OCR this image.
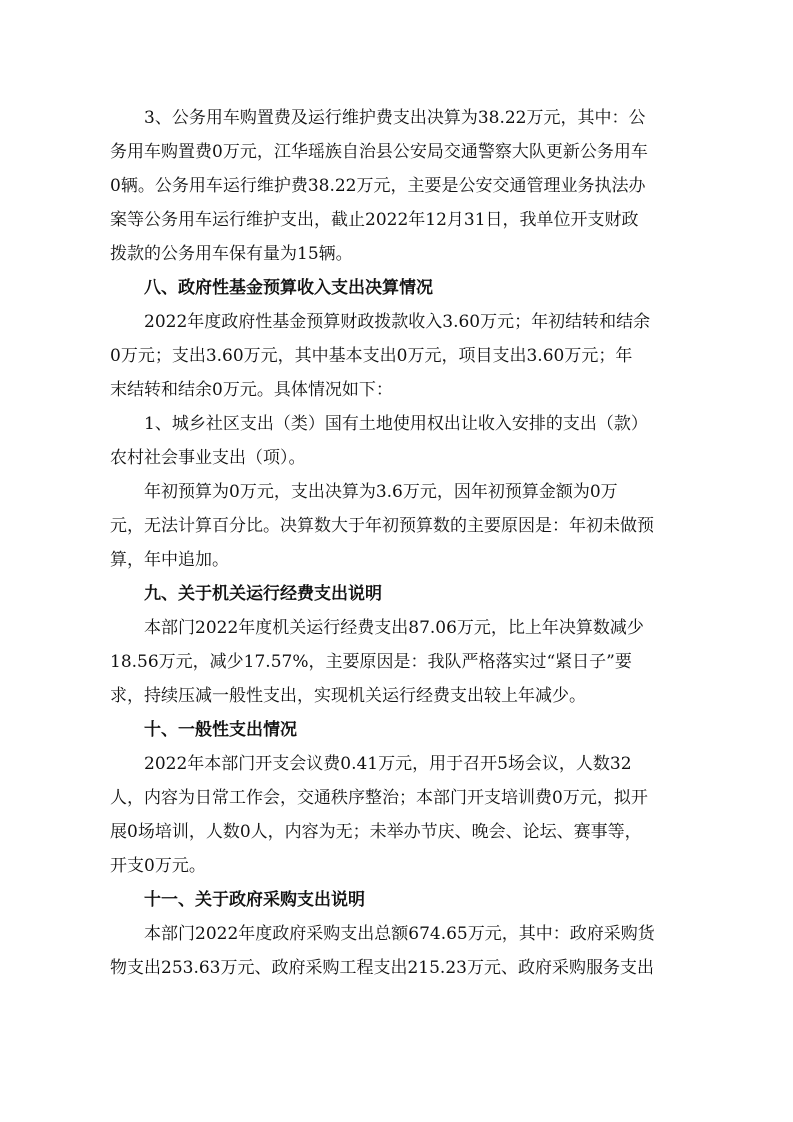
3、公务用车购置费及运行维护费支出决算为38.22万元，其中：公
务用车购置费0万元，江华瑶族自治县公安局交通警察大队更新公务用车
0辆。公务用车运行维护费38.22万元，主要是公安交通管理业务执法办
案等公务用车运行维护支出，截止2022年12月31日，我单位开支财政
拨款的公务用车保有量为15辆。

八、政府性基金预算收入支出决算情况

2022年度政府性基金预算财政拨款收入3.60万元；年初结转和结余
0万元；支出3.60万元，其中基本支出0万元，项目支出3.60万元；年
末结转和结余0万元。具体情况如下：

1、城乡社区支出（类）国有土地使用权出让收入安排的支出（款）
农村社会事业支出（项）。

年初预算为0万元，支出决算为3.6万元，因年初预算金额为0万
元，无法计算百分比。决算数大于年初预算数的主要原因是：年初未做预
算，年中追加。

九、关于机关运行经费支出说明

本部门2022年度机关运行经费支出87.06万元，比上年决算数减少
18.56万元，减少17.57%，主要原因是：我队严格落实过“紧日子”要
求，持续压减一般性支出，实现机关运行经费支出较上年减少。

十、一般性支出情况

2022年本部门开支会议费0.41万元，用于召开5场会议，人数32
人，内容为日常工作会，交通秩序整治；本部门开支培训费0万元，拟开
展0场培训，人数0人，内容为无；未举办节庆、晚会、论坛、赛事等，
开支0万元。

十一、关于政府采购支出说明

本部门2022年度政府采购支出总额674.65万元，其中：政府采购货
物支出253.63万元、政府采购工程支出215.23万元、政府采购服务支出
